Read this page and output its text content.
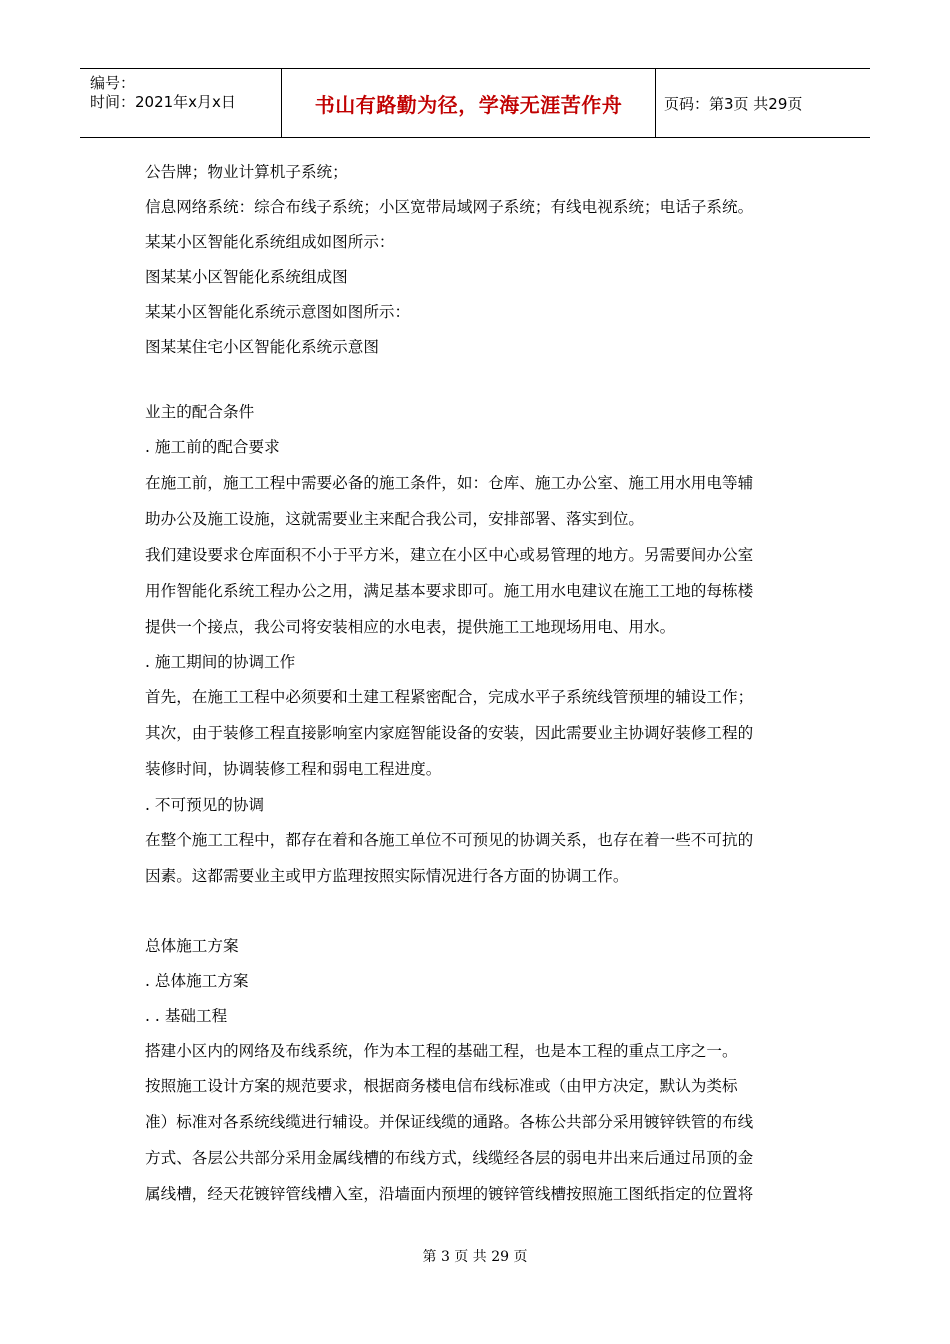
编号：
时间：2021年x月x日	书山有路勤为径，学海无涯苦作舟	页码：第3页 共29页
公告牌；物业计算机子系统；
信息网络系统：综合布线子系统；小区宽带局域网子系统；有线电视系统；电话子系统。
某某小区智能化系统组成如图所示：
图某某小区智能化系统组成图
某某小区智能化系统示意图如图所示：
图某某住宅小区智能化系统示意图
业主的配合条件
. 施工前的配合要求
在施工前，施工工程中需要必备的施工条件，如：仓库、施工办公室、施工用水用电等辅
助办公及施工设施，这就需要业主来配合我公司，安排部署、落实到位。
我们建设要求仓库面积不小于平方米，建立在小区中心或易管理的地方。另需要间办公室
用作智能化系统工程办公之用，满足基本要求即可。施工用水电建议在施工工地的每栋楼
提供一个接点，我公司将安装相应的水电表，提供施工工地现场用电、用水。
. 施工期间的协调工作
首先，在施工工程中必须要和土建工程紧密配合，完成水平子系统线管预埋的辅设工作；
其次，由于装修工程直接影响室内家庭智能设备的安装，因此需要业主协调好装修工程的
装修时间，协调装修工程和弱电工程进度。
. 不可预见的协调
在整个施工工程中，都存在着和各施工单位不可预见的协调关系，也存在着一些不可抗的
因素。这都需要业主或甲方监理按照实际情况进行各方面的协调工作。
总体施工方案
. 总体施工方案
. . 基础工程
搭建小区内的网络及布线系统，作为本工程的基础工程，也是本工程的重点工序之一。
按照施工设计方案的规范要求，根据商务楼电信布线标准或（由甲方决定，默认为类标
准）标准对各系统线缆进行辅设。并保证线缆的通路。各栋公共部分采用镀锌铁管的布线
方式、各层公共部分采用金属线槽的布线方式，线缆经各层的弱电井出来后通过吊顶的金
属线槽，经天花镀锌管线槽入室，沿墙面内预埋的镀锌管线槽按照施工图纸指定的位置将
第 3 页 共 29 页
